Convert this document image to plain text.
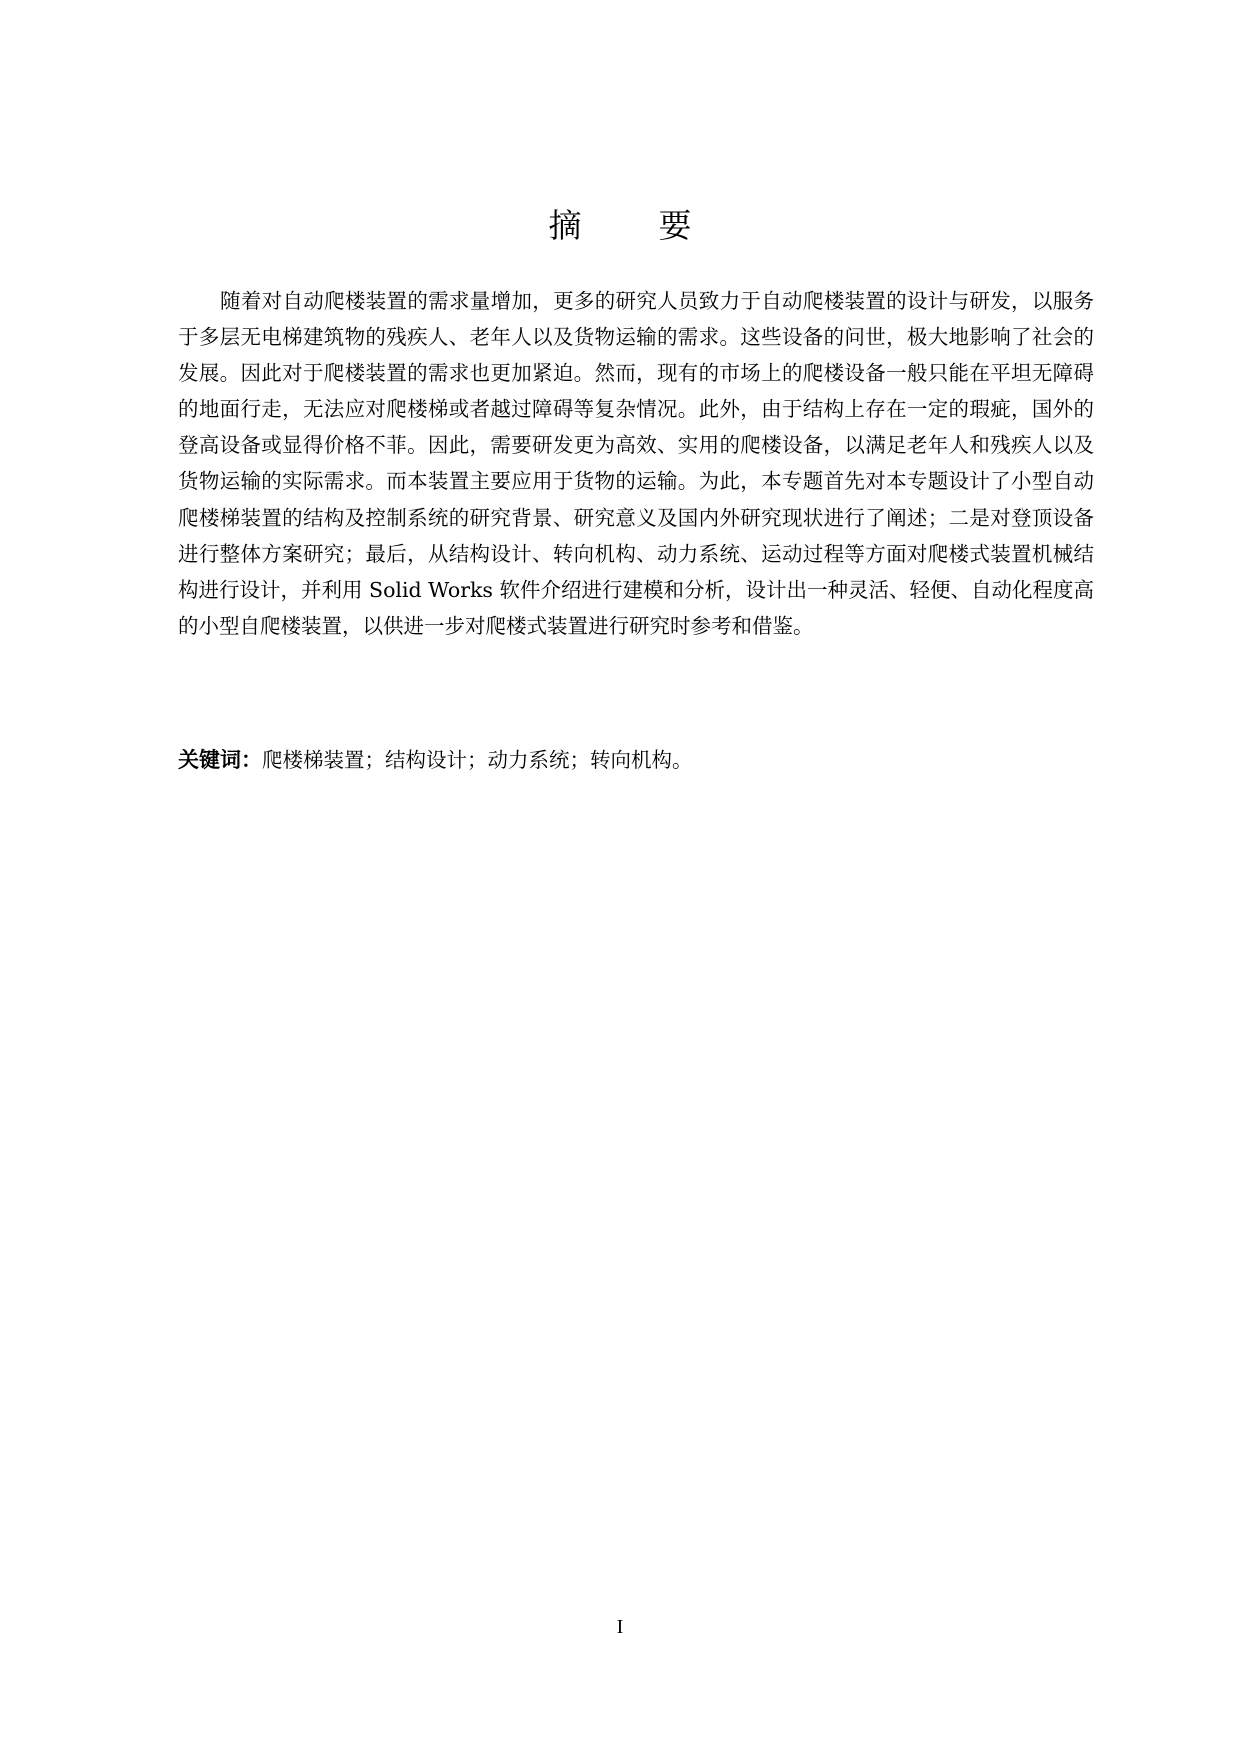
摘　要

随着对自动爬楼装置的需求量增加，更多的研究人员致力于自动爬楼装置的设计与研发，以服务于多层无电梯建筑物的残疾人、老年人以及货物运输的需求。这些设备的问世，极大地影响了社会的发展。因此对于爬楼装置的需求也更加紧迫。然而，现有的市场上的爬楼设备一般只能在平坦无障碍的地面行走，无法应对爬楼梯或者越过障碍等复杂情况。此外，由于结构上存在一定的瑕疵，国外的登高设备或显得价格不菲。因此，需要研发更为高效、实用的爬楼设备，以满足老年人和残疾人以及货物运输的实际需求。而本装置主要应用于货物的运输。为此，本专题首先对本专题设计了小型自动爬楼梯装置的结构及控制系统的研究背景、研究意义及国内外研究现状进行了阐述；二是对登顶设备进行整体方案研究；最后，从结构设计、转向机构、动力系统、运动过程等方面对爬楼式装置机械结构进行设计，并利用 Solid Works 软件介绍进行建模和分析，设计出一种灵活、轻便、自动化程度高的小型自爬楼装置，以供进一步对爬楼式装置进行研究时参考和借鉴。

关键词：爬楼梯装置；结构设计；动力系统；转向机构。

I
